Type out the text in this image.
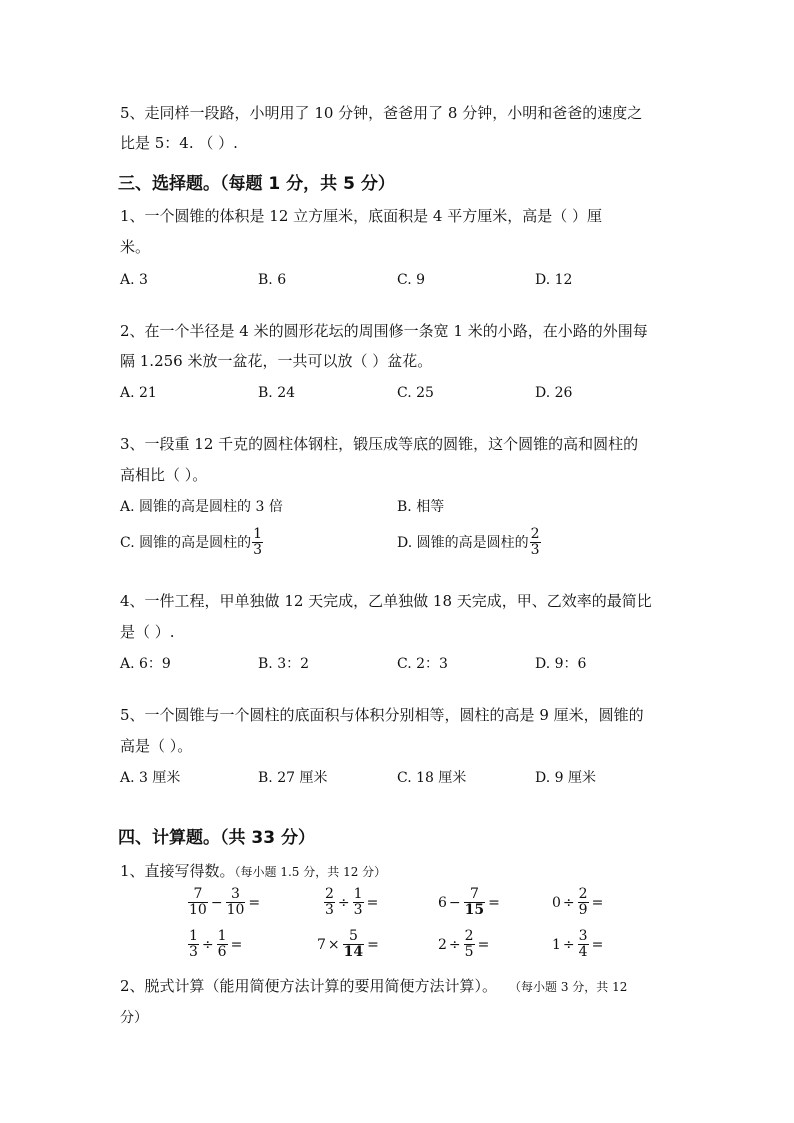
5、走同样一段路，小明用了 10 分钟，爸爸用了 8 分钟，小明和爸爸的速度之
比是 5：4. （ ）.
三、选择题。（每题 1 分，共 5 分）
1、一个圆锥的体积是 12 立方厘米，底面积是 4 平方厘米，高是（ ）厘
米。
A. 3	B. 6	C. 9	D. 12
2、在一个半径是 4 米的圆形花坛的周围修一条宽 1 米的小路，在小路的外围每
隔 1.256 米放一盆花，一共可以放（ ）盆花。
A. 21	B. 24	C. 25	D. 26
3、一段重 12 千克的圆柱体钢柱，锻压成等底的圆锥，这个圆锥的高和圆柱的
高相比（ ）。
A. 圆锥的高是圆柱的 3 倍	B. 相等
C. 圆锥的高是圆柱的 $\frac{1}{3}$	D. 圆锥的高是圆柱的 $\frac{2}{3}$
4、一件工程，甲单独做 12 天完成，乙单独做 18 天完成，甲、乙效率的最简比
是（ ）.
A. 6：9	B. 3：2	C. 2：3	D. 9：6
5、一个圆锥与一个圆柱的底面积与体积分别相等，圆柱的高是 9 厘米，圆锥的
高是（ ）。
A. 3 厘米	B. 27 厘米	C. 18 厘米	D. 9 厘米
四、计算题。（共 33 分）
1、直接写得数。（每小题 1.5 分，共 12 分）
$\frac{7}{10} - \frac{3}{10}$ =	$\frac{2}{3} \div \frac{1}{3}$ =	$6 - \frac{7}{15}$ =	$0 \div \frac{2}{9}$ =
$\frac{1}{3} \div \frac{1}{6}$ =	$7 \times \frac{5}{14}$ =	$2 \div \frac{2}{5}$ =	$1 \div \frac{3}{4}$ =
2、脱式计算（能用简便方法计算的要用简便方法计算）。 （每小题 3 分，共 12
分）
